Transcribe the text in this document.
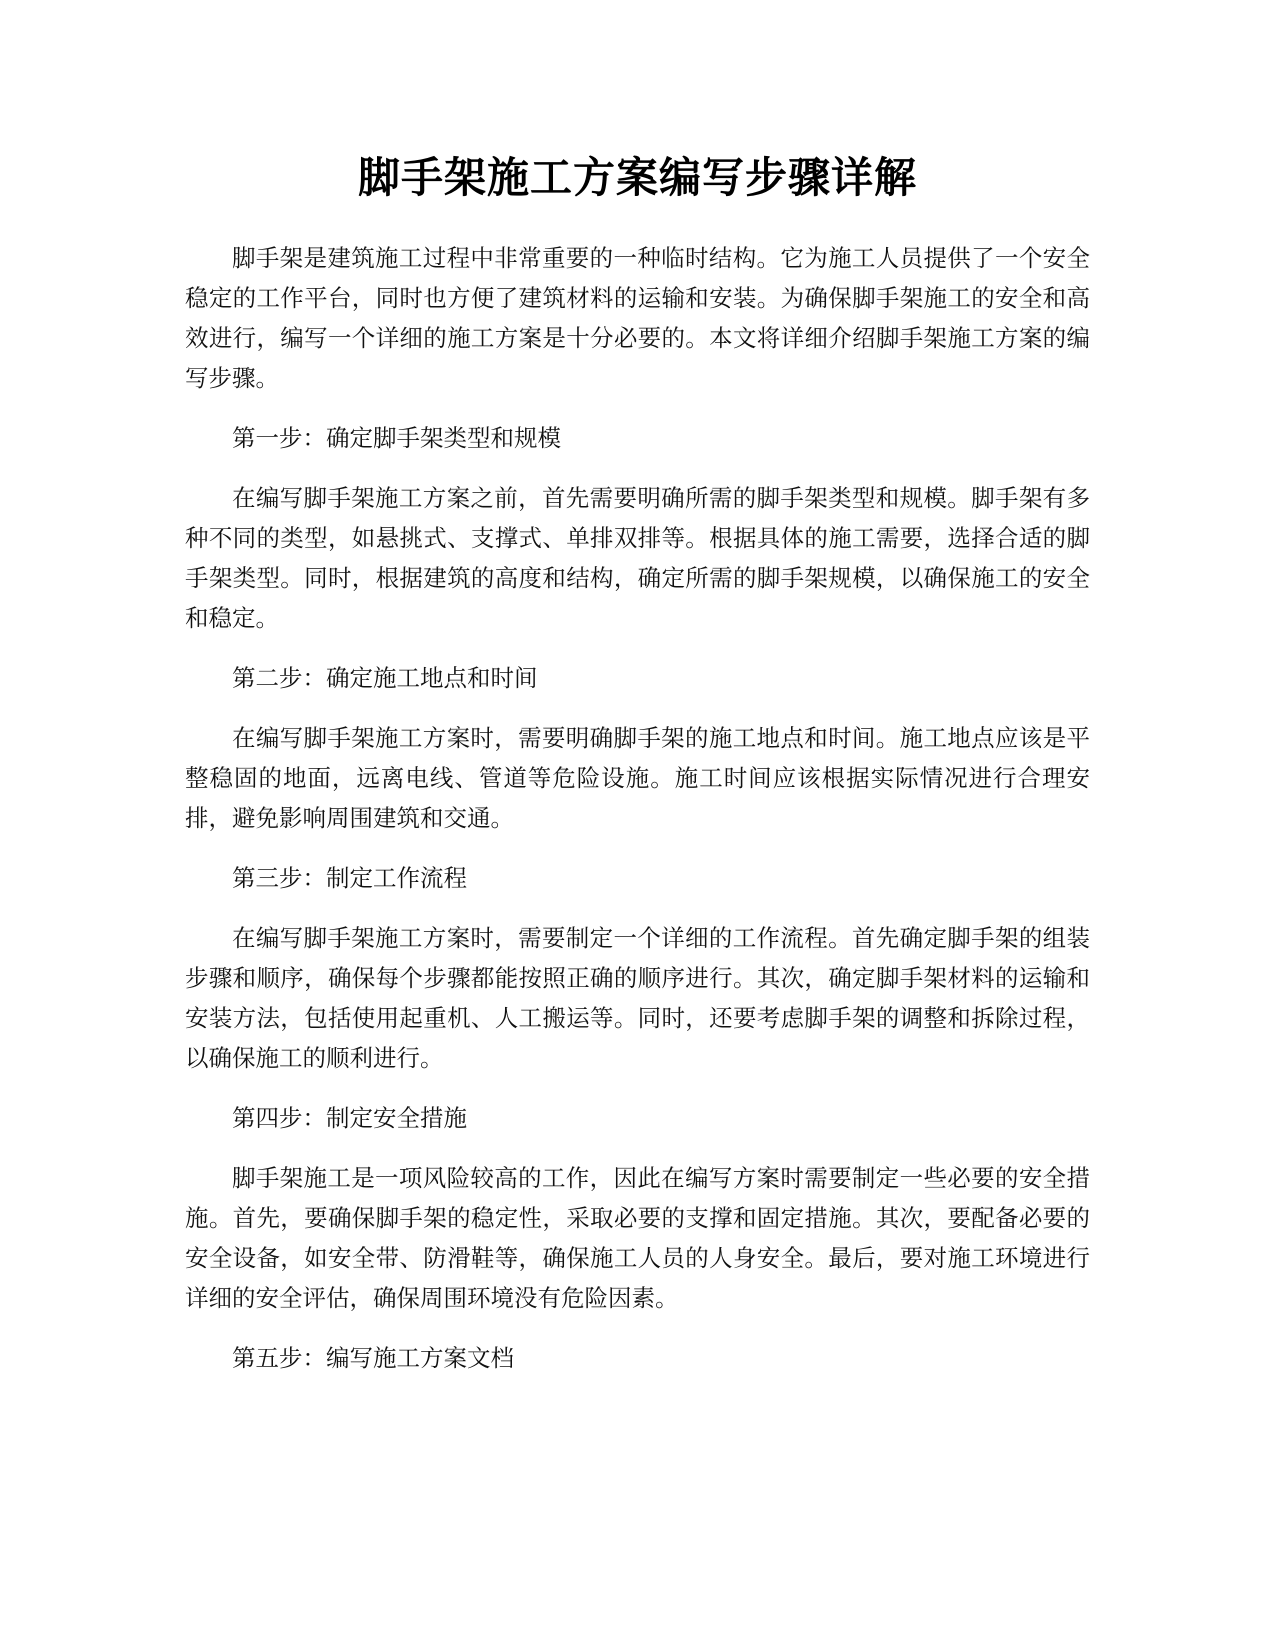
脚手架施工方案编写步骤详解

脚手架是建筑施工过程中非常重要的一种临时结构。它为施工人员提供了一个安全稳定的工作平台，同时也方便了建筑材料的运输和安装。为确保脚手架施工的安全和高效进行，编写一个详细的施工方案是十分必要的。本文将详细介绍脚手架施工方案的编写步骤。

第一步：确定脚手架类型和规模

在编写脚手架施工方案之前，首先需要明确所需的脚手架类型和规模。脚手架有多种不同的类型，如悬挑式、支撑式、单排双排等。根据具体的施工需要，选择合适的脚手架类型。同时，根据建筑的高度和结构，确定所需的脚手架规模，以确保施工的安全和稳定。

第二步：确定施工地点和时间

在编写脚手架施工方案时，需要明确脚手架的施工地点和时间。施工地点应该是平整稳固的地面，远离电线、管道等危险设施。施工时间应该根据实际情况进行合理安排，避免影响周围建筑和交通。

第三步：制定工作流程

在编写脚手架施工方案时，需要制定一个详细的工作流程。首先确定脚手架的组装步骤和顺序，确保每个步骤都能按照正确的顺序进行。其次，确定脚手架材料的运输和安装方法，包括使用起重机、人工搬运等。同时，还要考虑脚手架的调整和拆除过程，以确保施工的顺利进行。

第四步：制定安全措施

脚手架施工是一项风险较高的工作，因此在编写方案时需要制定一些必要的安全措施。首先，要确保脚手架的稳定性，采取必要的支撑和固定措施。其次，要配备必要的安全设备，如安全带、防滑鞋等，确保施工人员的人身安全。最后，要对施工环境进行详细的安全评估，确保周围环境没有危险因素。

第五步：编写施工方案文档
